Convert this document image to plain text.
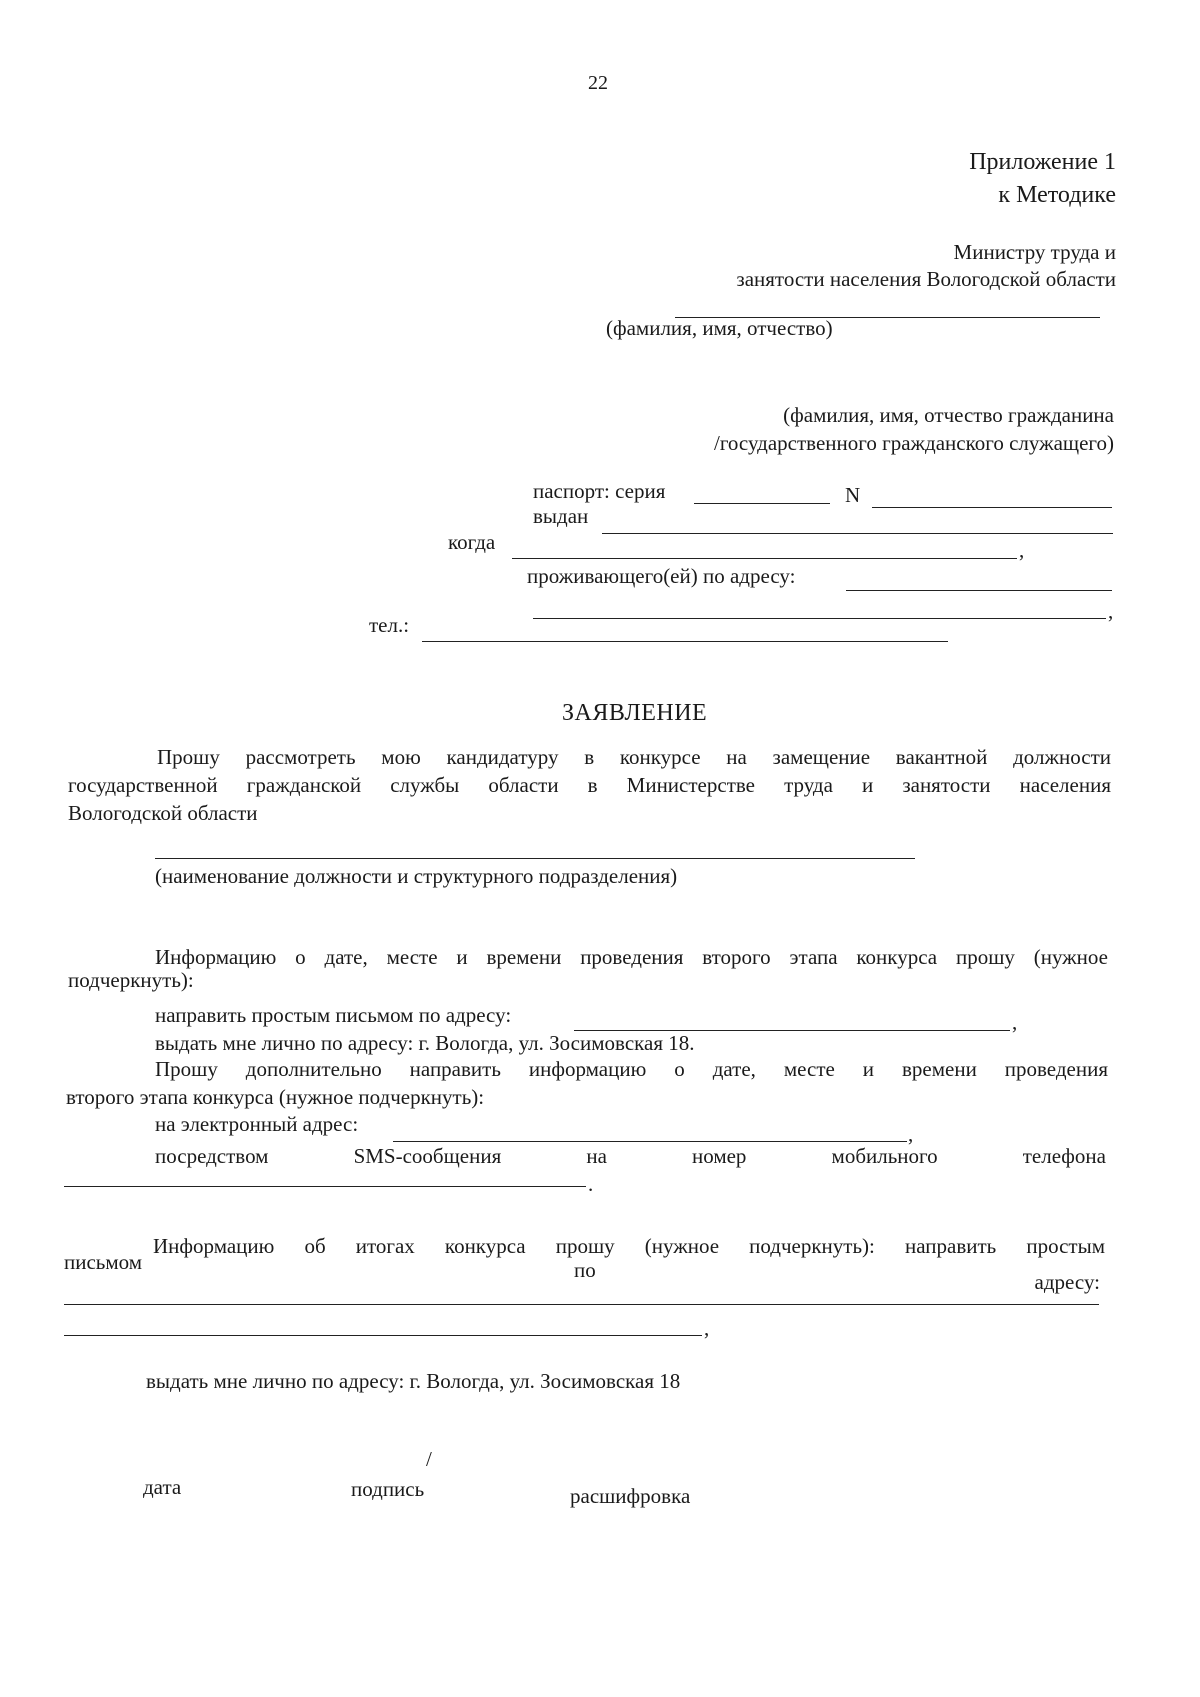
22
Приложение 1
к Методике
Министру труда и
занятости населения Вологодской области
(фамилия, имя, отчество)
(фамилия, имя, отчество гражданина
/государственного гражданского служащего)
паспорт: серия	N
выдан
когда	,
проживающего(ей) по адресу:
,
тел.:
ЗАЯВЛЕНИЕ
Прошу рассмотреть мою кандидатуру в конкурсе на замещение вакантной должности
государственной гражданской службы области в Министерстве труда и занятости населения
Вологодской области
(наименование должности и структурного подразделения)
Информацию о дате, месте и времени проведения второго этапа конкурса прошу (нужное
подчеркнуть):
направить простым письмом по адресу:	,
выдать мне лично по адресу: г. Вологда, ул. Зосимовская 18.
Прошу дополнительно направить информацию о дате, месте и времени проведения
второго этапа конкурса (нужное подчеркнуть):
на электронный адрес:	,
посредством	SMS-сообщения	на	номер	мобильного	телефона
.
Информацию об итогах конкурса прошу (нужное подчеркнуть): направить простым
письмом	по	адресу:
,
выдать мне лично по адресу: г. Вологда, ул. Зосимовская 18
/
дата	подпись	расшифровка
